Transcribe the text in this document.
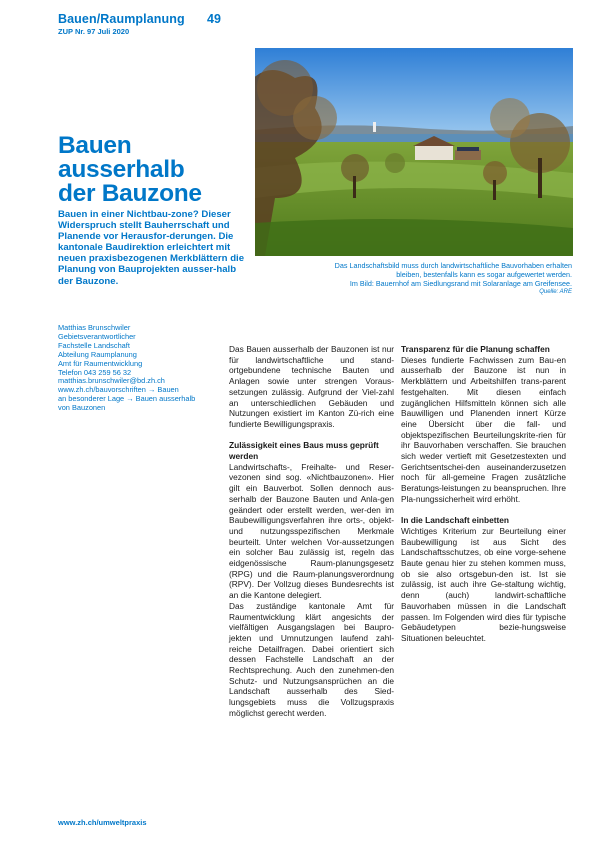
Bauen/Raumplanung 49
ZUP Nr. 97 Juli 2020
Das Landschaftsbild muss durch landwirtschaftliche Bauvorhaben erhalten
bleiben, bestenfalls kann es sogar aufgewertet werden.
Im Bild: Bauernhof am Siedlungsrand mit Solaranlage am Greifensee.
Quelle: ARE
Bauen
ausserhalb
der Bauzone
Bauen in einer Nichtbau-zone? Dieser Widerspruch stellt Bauherrschaft und Planende vor Herausfor-derungen. Die kantonale Baudirektion erleichtert mit neuen praxisbezogenen Merkblättern die Planung von Bauprojekten ausser-halb der Bauzone.
Matthias Brunschwiler
Gebietsverantwortlicher
Fachstelle Landschaft
Abteilung Raumplanung
Amt für Raumentwicklung
Telefon 043 259 56 32
matthias.brunschwiler@bd.zh.ch
www.zh.ch/bauvorschriften → Bauen
an besonderer Lage → Bauen ausserhalb
von Bauzonen

Das Bauen ausserhalb der Bauzonen ist nur für landwirtschaftliche und stand-ortgebundene technische Bauten und Anlagen sowie unter strengen Voraus-setzungen zulässig. Aufgrund der Viel-zahl an unterschiedlichen Gebäuden und Nutzungen existiert im Kanton Zü-rich eine fundierte Bewilligungspraxis.

Zulässigkeit eines Baus muss geprüft werden

Landwirtschafts-, Freihalte- und Reser-vezonen sind sog. «Nichtbauzonen». Hier gilt ein Bauverbot. Sollen dennoch aus-serhalb der Bauzone Bauten und Anla-gen geändert oder erstellt werden, wer-den im Baubewilligungsverfahren ihre orts-, objekt- und nutzungsspezifischen Merkmale beurteilt. Unter welchen Vor-aussetzungen ein solcher Bau zulässig ist, regeln das eidgenössische Raum-planungsgesetz (RPG) und die Raum-planungsverordnung (RPV). Der Vollzug dieses Bundesrechts ist an die Kantone delegiert.

Das zuständige kantonale Amt für Raumentwicklung klärt angesichts der vielfältigen Ausgangslagen bei Baupro-jekten und Umnutzungen laufend zahl-reiche Detailfragen. Dabei orientiert sich dessen Fachstelle Landschaft an der Rechtsprechung. Auch den zunehmen-den Schutz- und Nutzungsansprüchen an die Landschaft ausserhalb des Sied-lungsgebiets muss die Vollzugspraxis möglichst gerecht werden.

Transparenz für die Planung schaffen

Dieses fundierte Fachwissen zum Bau-en ausserhalb der Bauzone ist nun in Merkblättern und Arbeitshilfen trans-parent festgehalten. Mit diesen einfach zugänglichen Hilfsmitteln können sich alle Bauwilligen und Planenden innert Kürze eine Übersicht über die fall- und objektspezifischen Beurteilungskrite-rien für ihr Bauvorhaben verschaffen. Sie brauchen sich weder vertieft mit Gesetzestexten und Gerichtsentschei-den auseinanderzusetzen noch für all-gemeine Fragen zusätzliche Beratungs-leistungen zu beanspruchen. Ihre Pla-nungssicherheit wird erhöht.

In die Landschaft einbetten

Wichtiges Kriterium zur Beurteilung einer Baubewilligung ist aus Sicht des Landschaftsschutzes, ob eine vorge-sehene Baute genau hier zu stehen kommen muss, ob sie also ortsgebun-den ist. Ist sie zulässig, ist auch ihre Ge-staltung wichtig, denn (auch) landwirt-schaftliche Bauvorhaben müssen in die Landschaft passen. Im Folgenden wird dies für typische Gebäudetypen bezie-hungsweise Situationen beleuchtet.

www.zh.ch/umweltpraxis
